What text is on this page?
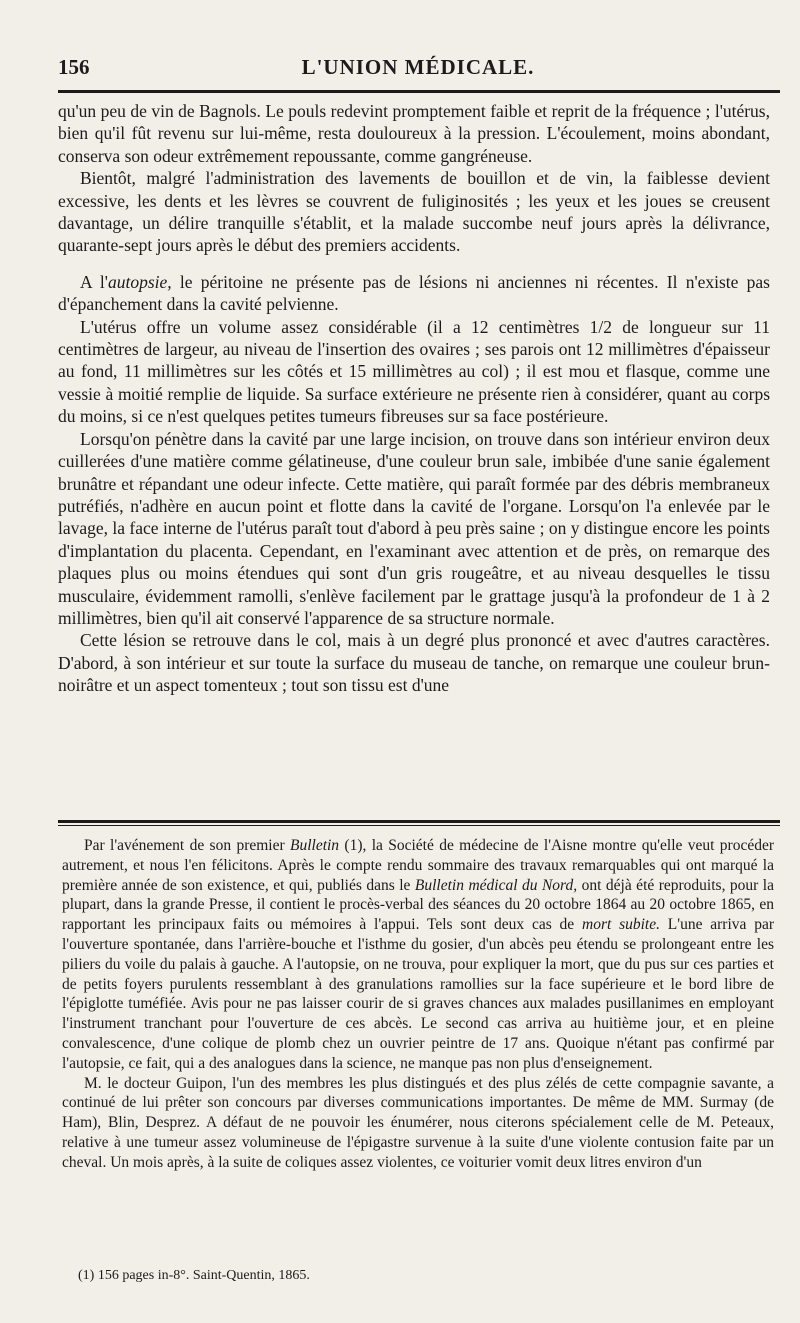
156	L'UNION MÉDICALE.

qu'un peu de vin de Bagnols. Le pouls redevint promptement faible et reprit de la fréquence ; l'utérus, bien qu'il fût revenu sur lui-même, resta douloureux à la pression. L'écoulement, moins abondant, conserva son odeur extrêmement repoussante, comme gangréneuse.

Bientôt, malgré l'administration des lavements de bouillon et de vin, la faiblesse devient excessive, les dents et les lèvres se couvrent de fuliginosités ; les yeux et les joues se creusent davantage, un délire tranquille s'établit, et la malade succombe neuf jours après la délivrance, quarante-sept jours après le début des premiers accidents.

A l'autopsie, le péritoine ne présente pas de lésions ni anciennes ni récentes. Il n'existe pas d'épanchement dans la cavité pelvienne.

L'utérus offre un volume assez considérable (il a 12 centimètres 1/2 de longueur sur 11 centimètres de largeur, au niveau de l'insertion des ovaires ; ses parois ont 12 millimètres d'épaisseur au fond, 11 millimètres sur les côtés et 15 millimètres au col) ; il est mou et flasque, comme une vessie à moitié remplie de liquide. Sa surface extérieure ne présente rien à considérer, quant au corps du moins, si ce n'est quelques petites tumeurs fibreuses sur sa face postérieure.

Lorsqu'on pénètre dans la cavité par une large incision, on trouve dans son intérieur environ deux cuillerées d'une matière comme gélatineuse, d'une couleur brun sale, imbibée d'une sanie également brunâtre et répandant une odeur infecte. Cette matière, qui paraît formée par des débris membraneux putréfiés, n'adhère en aucun point et flotte dans la cavité de l'organe. Lorsqu'on l'a enlevée par le lavage, la face interne de l'utérus paraît tout d'abord à peu près saine ; on y distingue encore les points d'implantation du placenta. Cependant, en l'examinant avec attention et de près, on remarque des plaques plus ou moins étendues qui sont d'un gris rougeâtre, et au niveau desquelles le tissu musculaire, évidemment ramolli, s'enlève facilement par le grattage jusqu'à la profondeur de 1 à 2 millimètres, bien qu'il ait conservé l'apparence de sa structure normale.

Cette lésion se retrouve dans le col, mais à un degré plus prononcé et avec d'autres caractères. D'abord, à son intérieur et sur toute la surface du museau de tanche, on remarque une couleur brun-noirâtre et un aspect tomenteux ; tout son tissu est d'une

Par l'avénement de son premier Bulletin (1), la Société de médecine de l'Aisne montre qu'elle veut procéder autrement, et nous l'en félicitons. Après le compte rendu sommaire des travaux remarquables qui ont marqué la première année de son existence, et qui, publiés dans le Bulletin médical du Nord, ont déjà été reproduits, pour la plupart, dans la grande Presse, il contient le procès-verbal des séances du 20 octobre 1864 au 20 octobre 1865, en rapportant les principaux faits ou mémoires à l'appui. Tels sont deux cas de mort subite. L'une arriva par l'ouverture spontanée, dans l'arrière-bouche et l'isthme du gosier, d'un abcès peu étendu se prolongeant entre les piliers du voile du palais à gauche. A l'autopsie, on ne trouva, pour expliquer la mort, que du pus sur ces parties et de petits foyers purulents ressemblant à des granulations ramollies sur la face supérieure et le bord libre de l'épiglotte tuméfiée. Avis pour ne pas laisser courir de si graves chances aux malades pusillanimes en employant l'instrument tranchant pour l'ouverture de ces abcès. Le second cas arriva au huitième jour, et en pleine convalescence, d'une colique de plomb chez un ouvrier peintre de 17 ans. Quoique n'étant pas confirmé par l'autopsie, ce fait, qui a des analogues dans la science, ne manque pas non plus d'enseignement.

M. le docteur Guipon, l'un des membres les plus distingués et des plus zélés de cette compagnie savante, a continué de lui prêter son concours par diverses communications importantes. De même de MM. Surmay (de Ham), Blin, Desprez. A défaut de ne pouvoir les énumérer, nous citerons spécialement celle de M. Peteaux, relative à une tumeur assez volumineuse de l'épigastre survenue à la suite d'une violente contusion faite par un cheval. Un mois après, à la suite de coliques assez violentes, ce voiturier vomit deux litres environ d'un

(1) 156 pages in-8°. Saint-Quentin, 1865.
